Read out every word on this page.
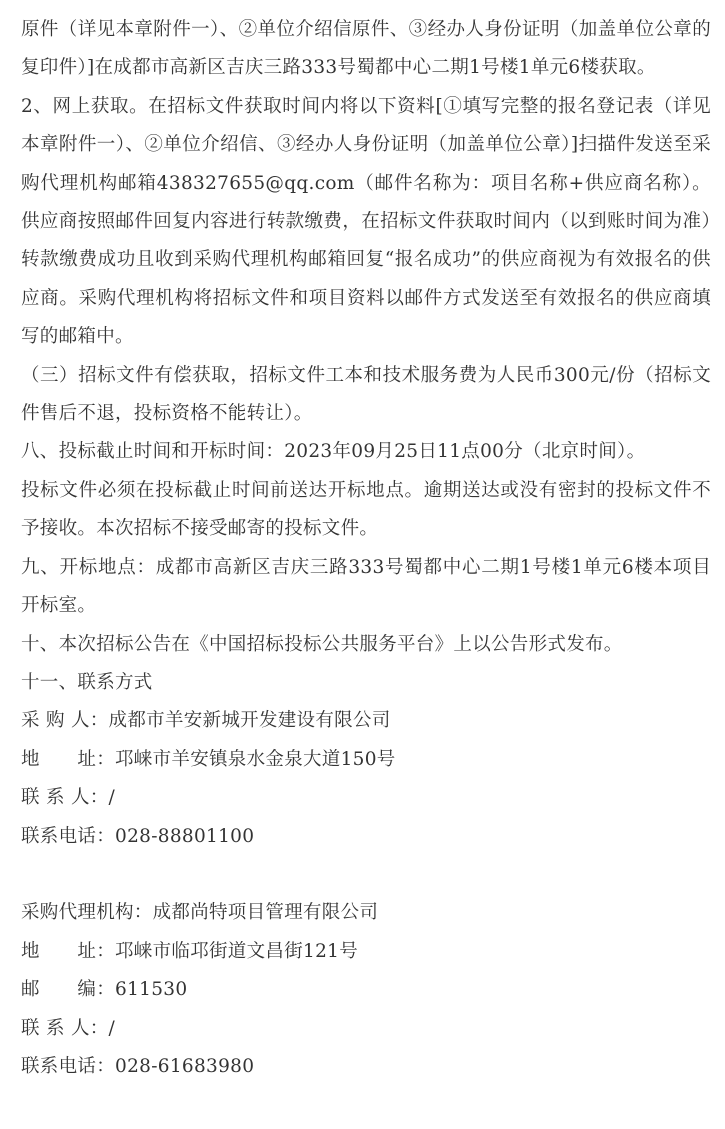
原件（详见本章附件一）、②单位介绍信原件、③经办人身份证明（加盖单位公章的复印件）]在成都市高新区吉庆三路333号蜀都中心二期1号楼1单元6楼获取。

2、网上获取。在招标文件获取时间内将以下资料[①填写完整的报名登记表（详见本章附件一）、②单位介绍信、③经办人身份证明（加盖单位公章）]扫描件发送至采购代理机构邮箱438327655@qq.com（邮件名称为：项目名称+供应商名称）。供应商按照邮件回复内容进行转款缴费，在招标文件获取时间内（以到账时间为准）转款缴费成功且收到采购代理机构邮箱回复“报名成功”的供应商视为有效报名的供应商。采购代理机构将招标文件和项目资料以邮件方式发送至有效报名的供应商填写的邮箱中。

（三）招标文件有偿获取，招标文件工本和技术服务费为人民币300元/份（招标文件售后不退，投标资格不能转让）。

八、投标截止时间和开标时间：2023年09月25日11点00分（北京时间）。

投标文件必须在投标截止时间前送达开标地点。逾期送达或没有密封的投标文件不予接收。本次招标不接受邮寄的投标文件。

九、开标地点：成都市高新区吉庆三路333号蜀都中心二期1号楼1单元6楼本项目开标室。

十、本次招标公告在《中国招标投标公共服务平台》上以公告形式发布。

十一、联系方式

采 购 人：成都市羊安新城开发建设有限公司

地　　址：邛崃市羊安镇泉水金泉大道150号

联 系 人：/

联系电话：028-88801100

采购代理机构：成都尚特项目管理有限公司

地　　址：邛崃市临邛街道文昌街121号

邮　　编：611530

联 系 人：/

联系电话：028-61683980
